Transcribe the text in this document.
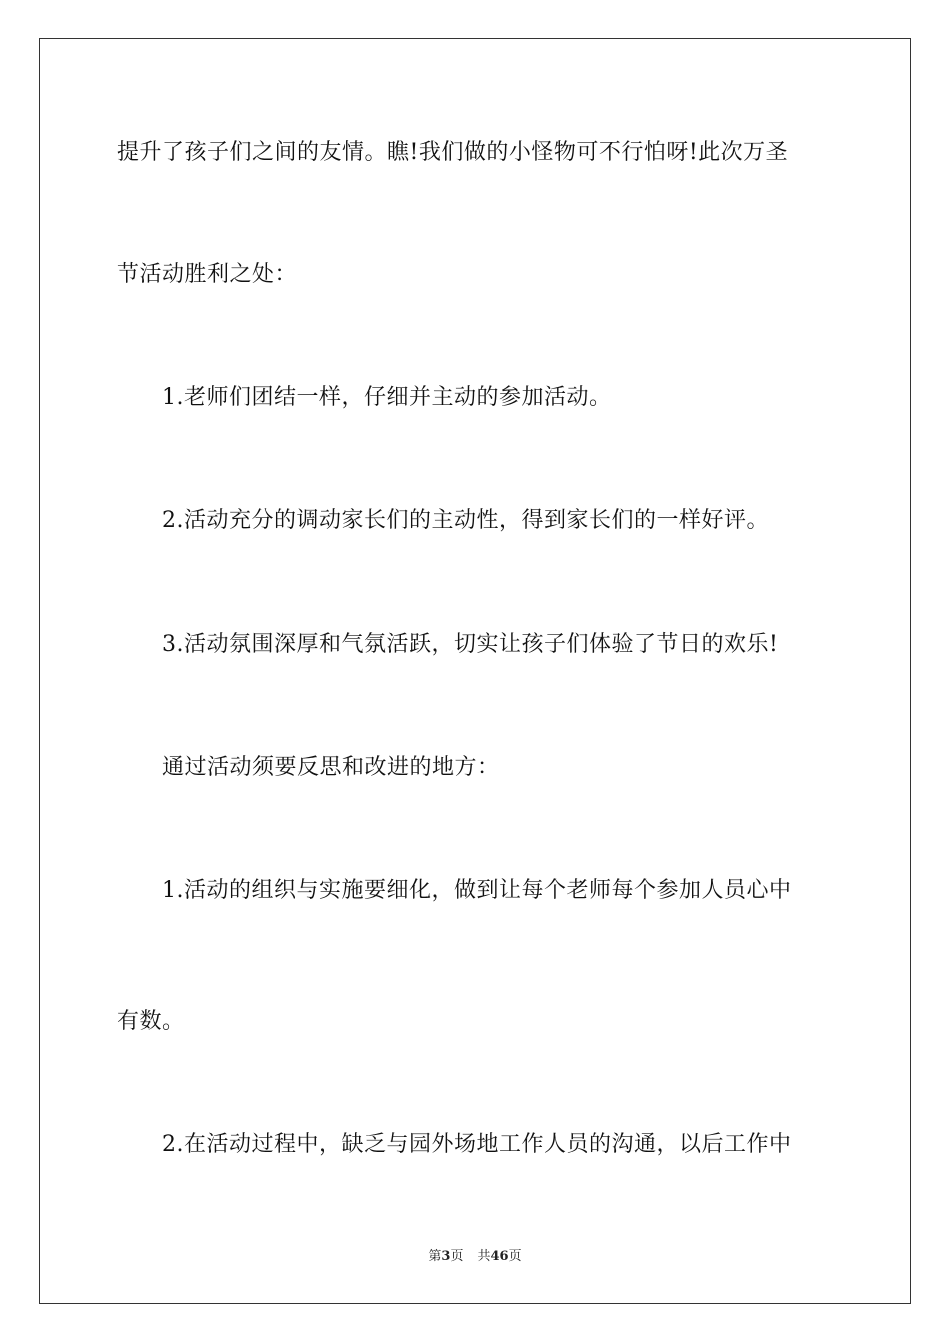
提升了孩子们之间的友情。瞧!我们做的小怪物可不行怕呀!此次万圣
节活动胜利之处：
1.老师们团结一样，仔细并主动的参加活动。
2.活动充分的调动家长们的主动性，得到家长们的一样好评。
3.活动氛围深厚和气氛活跃，切实让孩子们体验了节日的欢乐!
通过活动须要反思和改进的地方：
1.活动的组织与实施要细化，做到让每个老师每个参加人员心中
有数。
2.在活动过程中，缺乏与园外场地工作人员的沟通，以后工作中
第3页 共46页
